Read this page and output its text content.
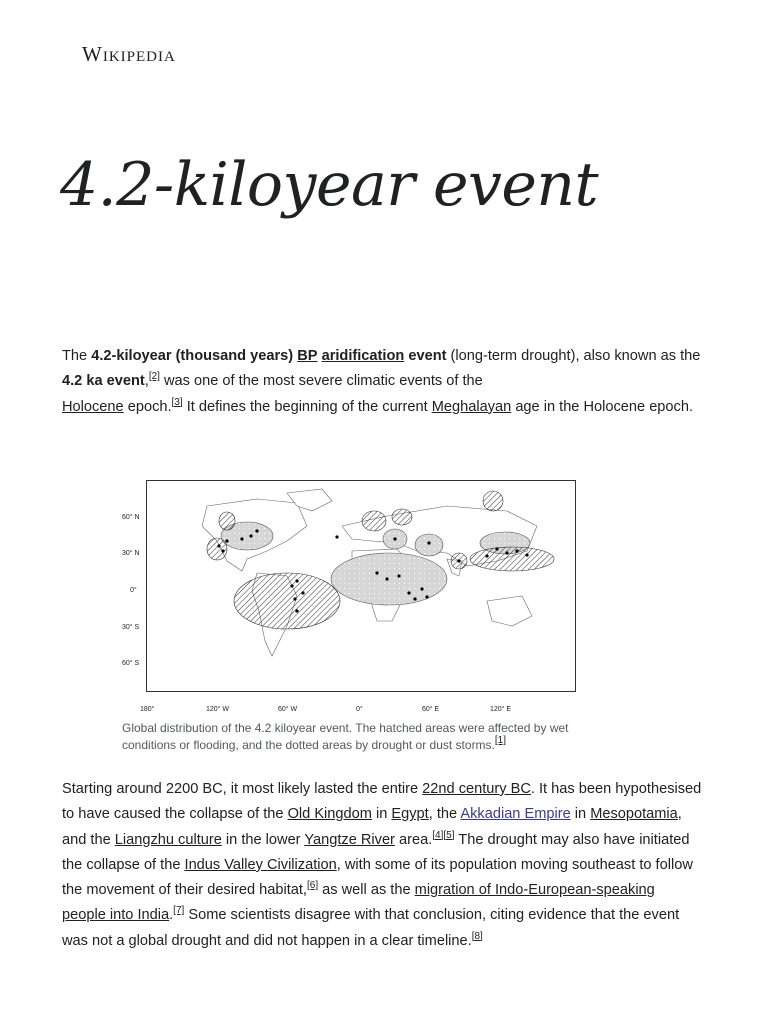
Wikipedia
4.2-kiloyear event
The 4.2-kiloyear (thousand years) BP aridification event (long-term drought), also known as the 4.2 ka event,[2] was one of the most severe climatic events of the
Holocene epoch.[3] It defines the beginning of the current Meghalayan age in the Holocene epoch.
60° N
30° N
0°
30° S
60° S
180°	120° W	60° W	0°	60° E	120° E
Global distribution of the 4.2 kiloyear event. The hatched areas were affected by wet conditions or flooding, and the dotted areas by drought or dust storms.[1]
Starting around 2200 BC, it most likely lasted the entire 22nd century BC. It has been hypothesised to have caused the collapse of the Old Kingdom in Egypt, the Akkadian Empire in Mesopotamia, and the Liangzhu culture in the lower Yangtze River area.[4][5] The drought may also have initiated the collapse of the Indus Valley Civilization, with some of its population moving southeast to follow the movement of their desired habitat,[6] as well as the migration of Indo-European-speaking people into India.[7] Some scientists disagree with that conclusion, citing evidence that the event was not a global drought and did not happen in a clear timeline.[8]
